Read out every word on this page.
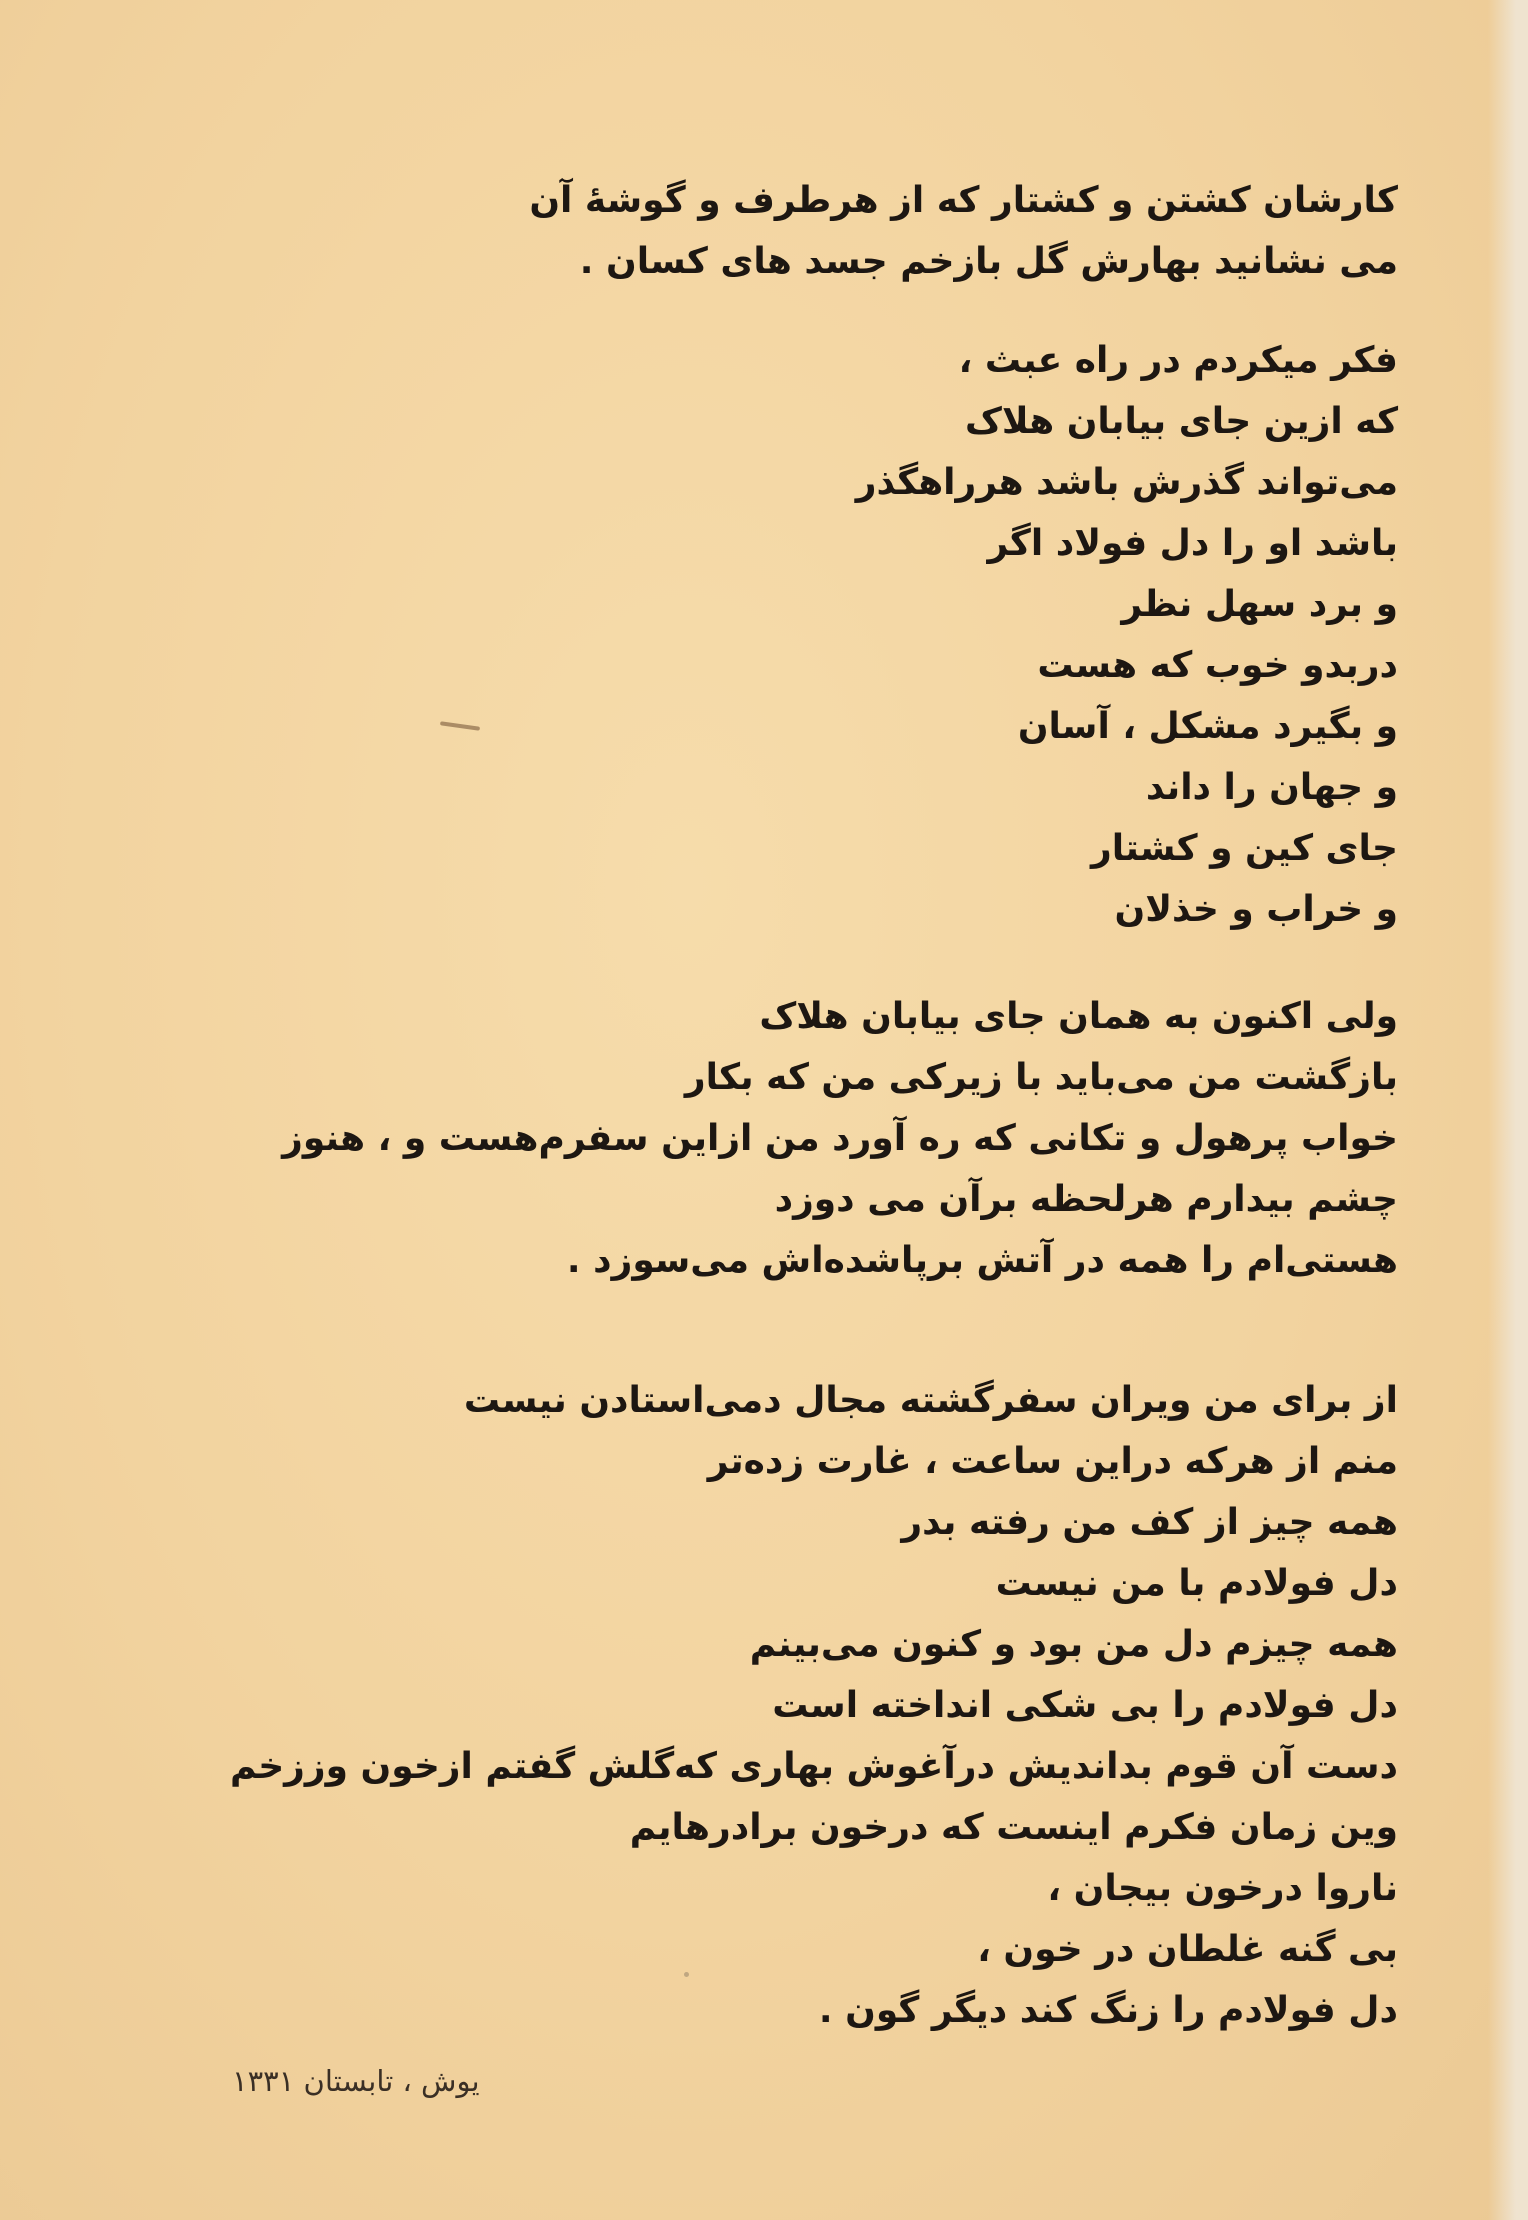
کارشان کشتن و کشتار که از هرطرف و گوشهٔ آن
می نشانید بهارش گل بازخم جسد های کسان .
فکر میکردم در راه عبث ،
که ازین جای بیابان هلاک
می‌تواند گذرش باشد هرراهگذر
باشد او را دل فولاد اگر
و برد سهل نظر
دربدو خوب که هست
و بگیرد مشکل ، آسان
و جهان را داند
جای کین و کشتار
و خراب و خذلان
ولی اکنون به همان جای بیابان هلاک
بازگشت من می‌باید با زیرکی من که بکار
خواب پرهول و تکانی که ره آورد من ازاین سفرم‌هست و ، هنوز
چشم بیدارم هرلحظه برآن می دوزد
هستی‌ام را همه در آتش برپاشده‌اش می‌سوزد .
از برای من ویران سفرگشته مجال دمی‌استادن نیست
منم از هرکه دراین ساعت ، غارت زده‌تر
همه چیز از کف من رفته بدر
دل فولادم با من نیست
همه چیزم دل من بود و کنون می‌بینم
دل فولادم را بی شکی انداخته است
دست آن قوم بداندیش درآغوش بهاری که‌گلش گفتم ازخون وززخم
وین زمان فکرم اینست که درخون برادرهایم
ناروا درخون بیجان ،
بی گنه غلطان در خون ،
دل فولادم را زنگ کند دیگر گون .
یوش ، تابستان ۱۳۳۱
